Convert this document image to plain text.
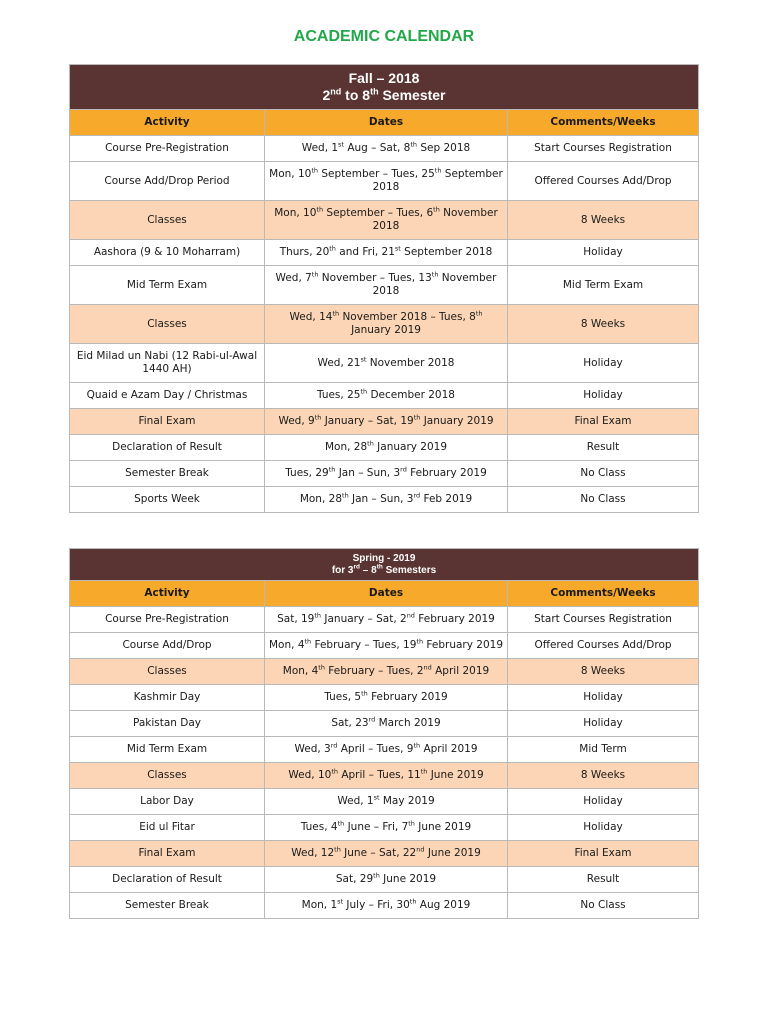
ACADEMIC CALENDAR
Fall – 2018
2nd to 8th Semester		

Activity	Dates	Comments/Weeks
Course Pre-Registration	Wed, 1st Aug – Sat, 8th Sep 2018	Start Courses Registration
Course Add/Drop Period	Mon, 10th September – Tues, 25th September 2018	Offered Courses Add/Drop
Classes	Mon, 10th September – Tues, 6th November 2018	8 Weeks
Aashora (9 & 10 Moharram)	Thurs, 20th and Fri, 21st September 2018	Holiday
Mid Term Exam	Wed, 7th November – Tues, 13th November 2018	Mid Term Exam
Classes	Wed, 14th November 2018 – Tues, 8th January 2019	8 Weeks
Eid Milad un Nabi (12 Rabi-ul-Awal 1440 AH)	Wed, 21st November 2018	Holiday
Quaid e Azam Day / Christmas	Tues, 25th December 2018	Holiday
Final Exam	Wed, 9th January – Sat, 19th January 2019	Final Exam
Declaration of Result	Mon, 28th January 2019	Result
Semester Break	Tues, 29th Jan – Sun, 3rd February 2019	No Class
Sports Week	Mon, 28th Jan – Sun, 3rd Feb 2019	No Class
Spring - 2019
for 3rd – 8th Semesters		

Activity	Dates	Comments/Weeks
Course Pre-Registration	Sat, 19th January – Sat, 2nd February 2019	Start Courses Registration
Course Add/Drop	Mon, 4th February – Tues, 19th February 2019	Offered Courses Add/Drop
Classes	Mon, 4th February – Tues, 2nd April 2019	8 Weeks
Kashmir Day	Tues, 5th February 2019	Holiday
Pakistan Day	Sat, 23rd March 2019	Holiday
Mid Term Exam	Wed, 3rd April – Tues, 9th April 2019	Mid Term
Classes	Wed, 10th April – Tues, 11th June 2019	8 Weeks
Labor Day	Wed, 1st May 2019	Holiday
Eid ul Fitar	Tues, 4th June – Fri, 7th June 2019	Holiday
Final Exam	Wed, 12th June – Sat, 22nd June 2019	Final Exam
Declaration of Result	Sat, 29th June 2019	Result
Semester Break	Mon, 1st July – Fri, 30th Aug 2019	No Class
